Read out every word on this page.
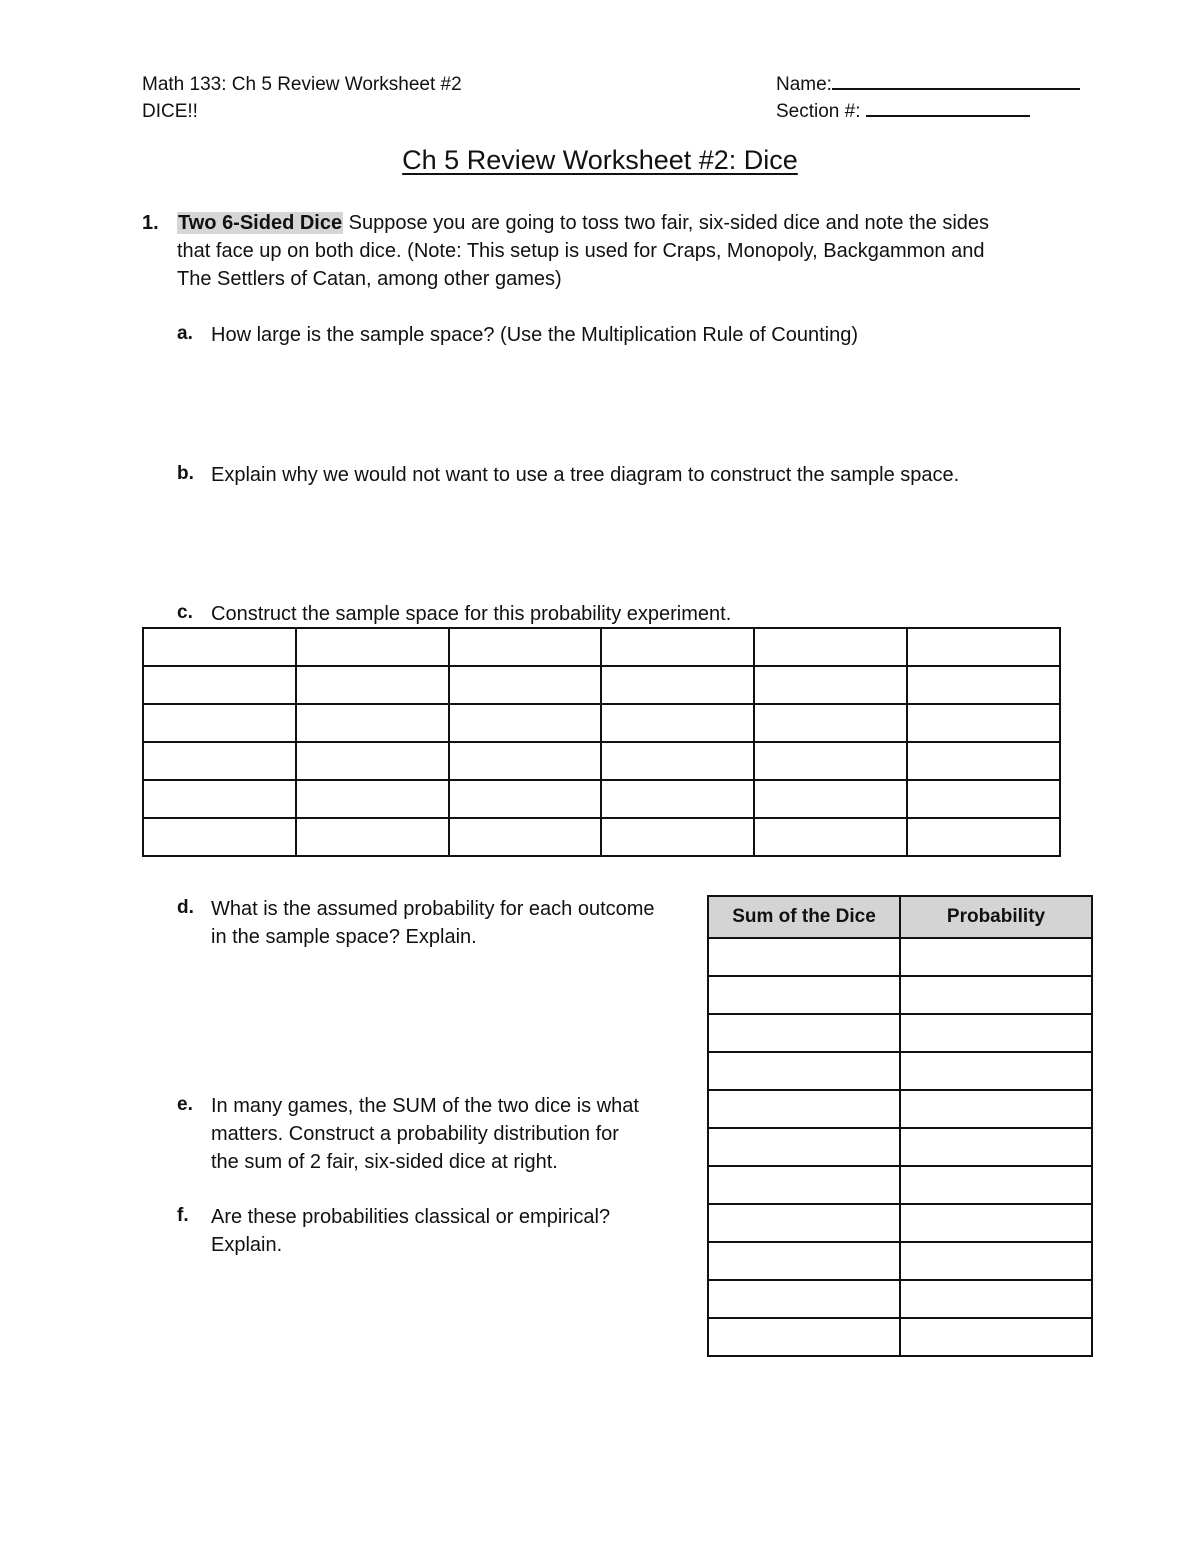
Math 133: Ch 5 Review Worksheet #2
DICE!!
Name:
Section #:
Ch 5 Review Worksheet #2: Dice
1. Two 6-Sided Dice Suppose you are going to toss two fair, six-sided dice and note the sides
that face up on both dice. (Note: This setup is used for Craps, Monopoly, Backgammon and
The Settlers of Catan, among other games)
a. How large is the sample space? (Use the Multiplication Rule of Counting)
b. Explain why we would not want to use a tree diagram to construct the sample space.
c. Construct the sample space for this probability experiment.

d. What is the assumed probability for each outcome
in the sample space? Explain.
e. In many games, the SUM of the two dice is what
matters. Construct a probability distribution for
the sum of 2 fair, six-sided dice at right.
f. Are these probabilities classical or empirical?
Explain.
Sum of the Dice	Probability
